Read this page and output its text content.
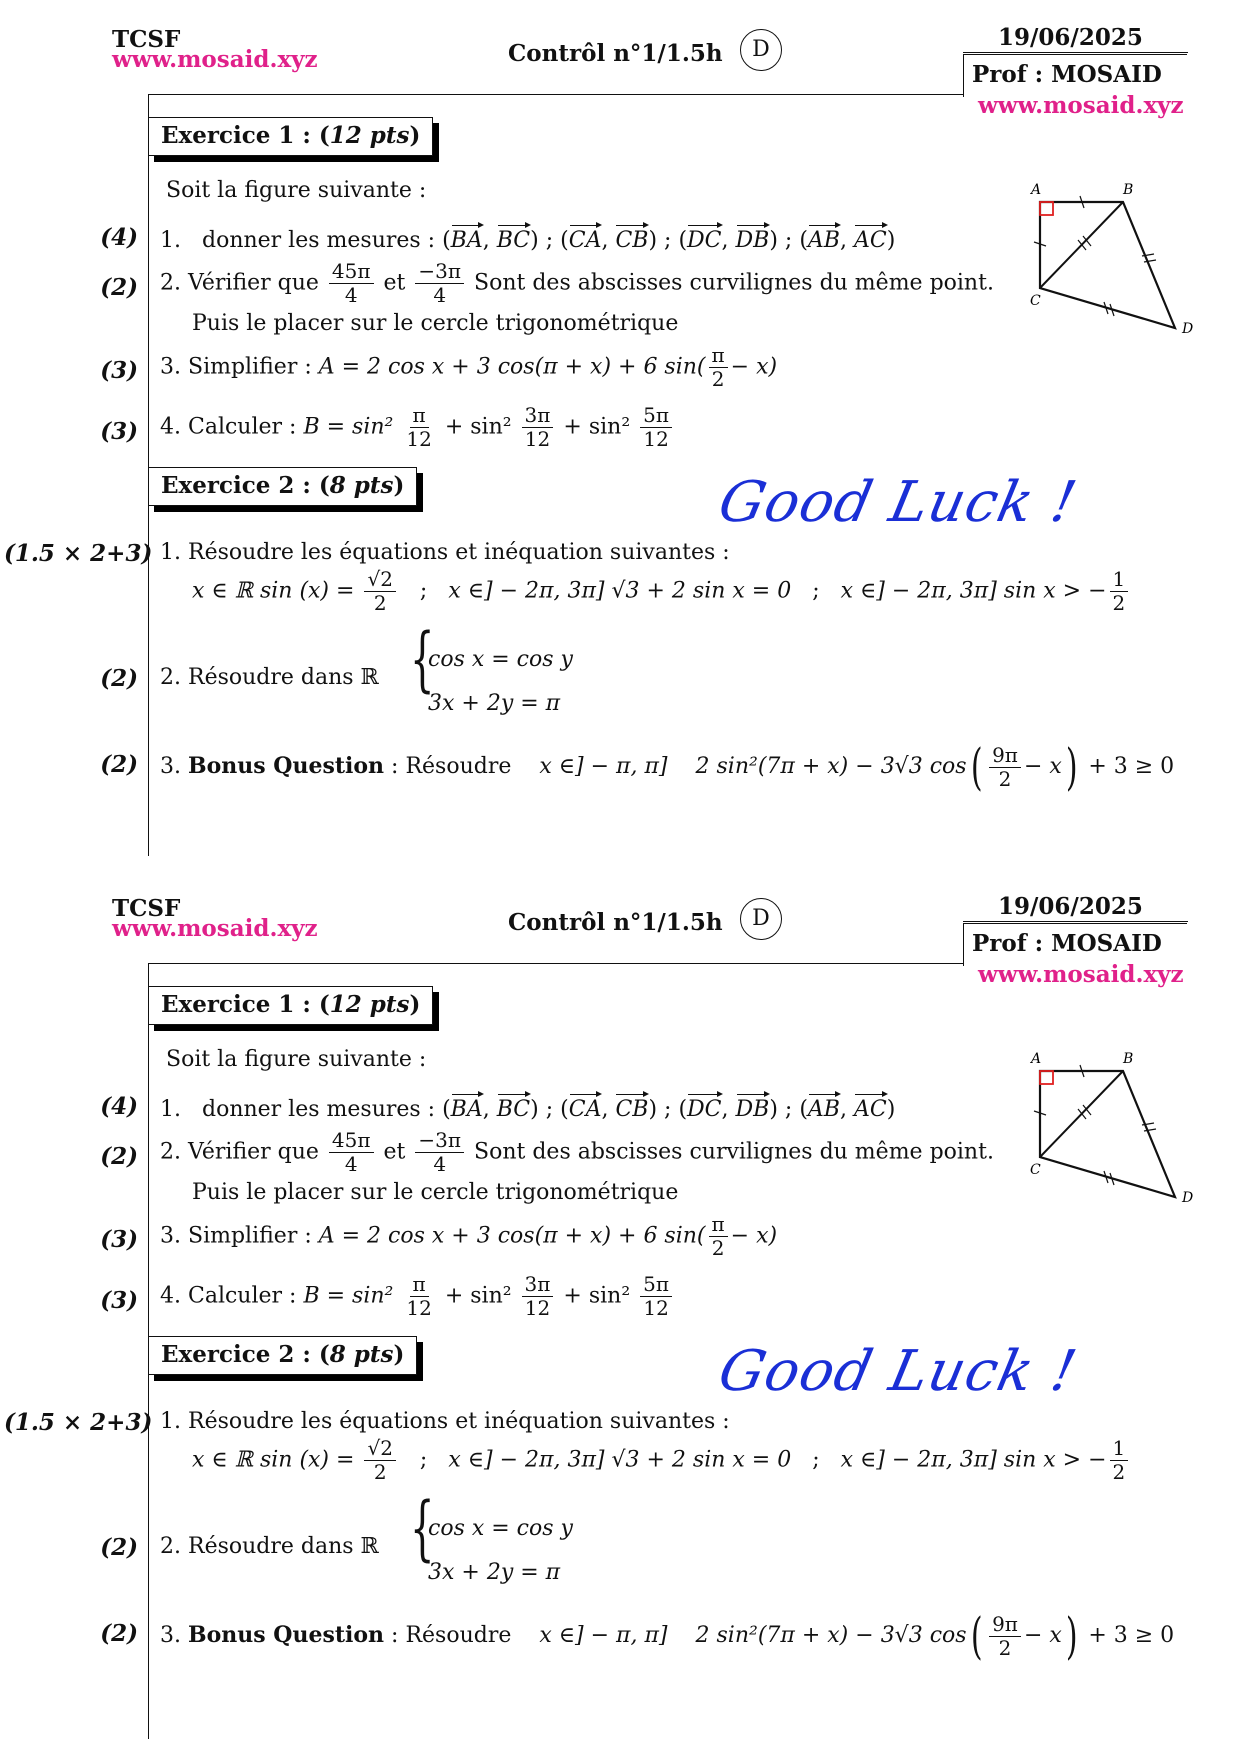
TCSF
www.mosaid.xyz	Contrôl n°1/1.5h	D	19/06/2025
Prof : MOSAID
www.mosaid.xyz
Exercice 1 : (12 pts)
Soit la figure suivante :
(4) 1. donner les mesures : (BA, BC) ; (CA, CB) ; (DC, DB) ; (AB, AC)
(2) 2. Vérifier que $\frac{45\pi}{4}$ et $\frac{-3\pi}{4}$ Sont des abscisses curvilignes du même point.
Puis le placer sur le cercle trigonométrique
(3) 3. Simplifier : A = 2 cos x + 3 cos(π + x) + 6 $\sin( \frac{\pi}{2} - x)$
(3) 4. Calculer : $B = \sin^2 \frac{\pi}{12} + \sin^2 \frac{3\pi}{12} + \sin^2 \frac{5\pi}{12}$
A	B
C
D
Exercice 2 : (8 pts)	Good Luck !
(1.5 × 2+3) 1. Résoudre les équations et inéquation suivantes :
x ∈ ℝ $\sin (x) = \frac{√2}{2}$ ; x ∈] − 2π, 3π] √3 + 2 sin x = 0 ; x ∈] − 2π, 3π] sin x > − $\frac{1}{2}$
(2) 2. Résoudre dans ℝ {
cos x = cos y
3x + 2y = π
(2) 3. Bonus Question : Résoudre x ∈] − π, π] 2 sin²(7π + x) − 3√3 $\cos( \frac{9\pi}{2} - x) + 3 \ge 0$
TCSF
www.mosaid.xyz	Contrôl n°1/1.5h	D	19/06/2025
Prof : MOSAID
www.mosaid.xyz
Exercice 1 : (12 pts)
Soit la figure suivante :
(4) 1. donner les mesures : (BA, BC) ; (CA, CB) ; (DC, DB) ; (AB, AC)
(2) 2. Vérifier que $\frac{45\pi}{4}$ et $\frac{-3\pi}{4}$ Sont des abscisses curvilignes du même point.
Puis le placer sur le cercle trigonométrique
(3) 3. Simplifier : A = 2 cos x + 3 cos(π + x) + 6 $\sin( \frac{\pi}{2} - x)$
(3) 4. Calculer : $B = \sin^2 \frac{\pi}{12} + \sin^2 \frac{3\pi}{12} + \sin^2 \frac{5\pi}{12}$
A	B
C
D
Exercice 2 : (8 pts)	Good Luck !
(1.5 × 2+3) 1. Résoudre les équations et inéquation suivantes :
x ∈ ℝ $\sin (x) = \frac{√2}{2}$ ; x ∈] − 2π, 3π] √3 + 2 sin x = 0 ; x ∈] − 2π, 3π] sin x > − $\frac{1}{2}$
(2) 2. Résoudre dans ℝ {
cos x = cos y
3x + 2y = π
(2) 3. Bonus Question : Résoudre x ∈] − π, π] 2 sin²(7π + x) − 3√3 $\cos( \frac{9\pi}{2} - x) + 3 \ge 0$
